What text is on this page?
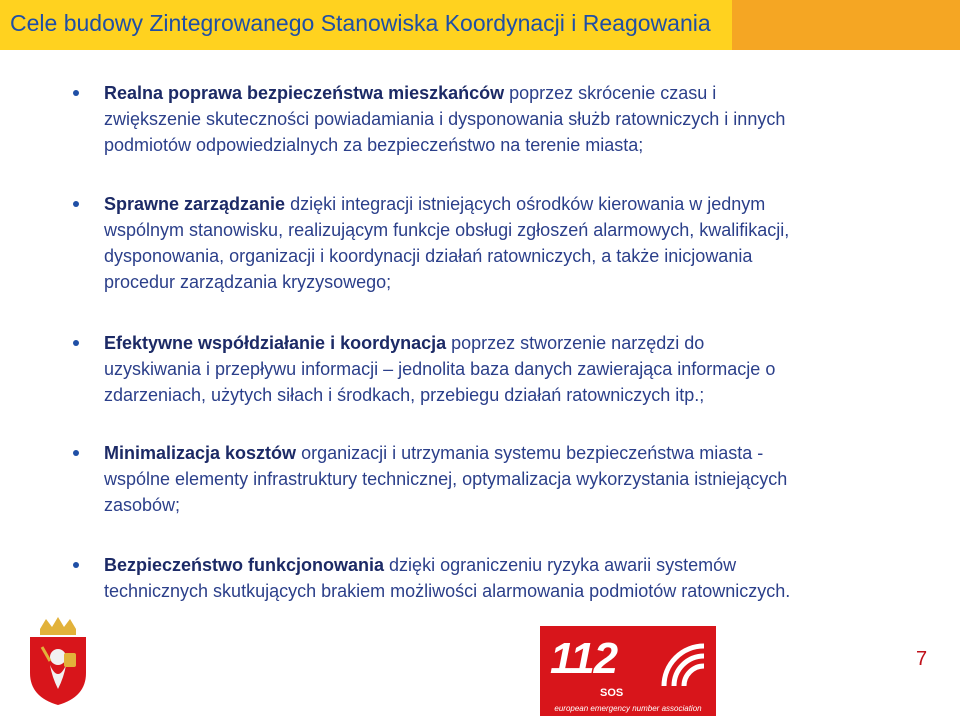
Cele budowy Zintegrowanego Stanowiska Koordynacji i Reagowania
Realna poprawa bezpieczeństwa mieszkańców poprzez skrócenie czasu i
zwiększenie skuteczności powiadamiania i dysponowania służb ratowniczych i innych
podmiotów odpowiedzialnych za bezpieczeństwo na terenie miasta;
Sprawne zarządzanie dzięki integracji istniejących ośrodków kierowania w jednym
wspólnym stanowisku, realizującym funkcje obsługi zgłoszeń alarmowych, kwalifikacji,
dysponowania, organizacji i koordynacji działań ratowniczych, a także inicjowania
procedur zarządzania kryzysowego;
Efektywne współdziałanie i koordynacja poprzez stworzenie narzędzi do
uzyskiwania i przepływu informacji – jednolita baza danych zawierająca informacje o
zdarzeniach, użytych siłach i środkach, przebiegu działań ratowniczych itp.;
Minimalizacja kosztów organizacji i utrzymania systemu bezpieczeństwa miasta -
wspólne elementy infrastruktury technicznej, optymalizacja wykorzystania istniejących
zasobów;
Bezpieczeństwo funkcjonowania dzięki ograniczeniu ryzyka awarii systemów
technicznych skutkujących brakiem możliwości alarmowania podmiotów ratowniczych.
112
SOS
european emergency number association
7
